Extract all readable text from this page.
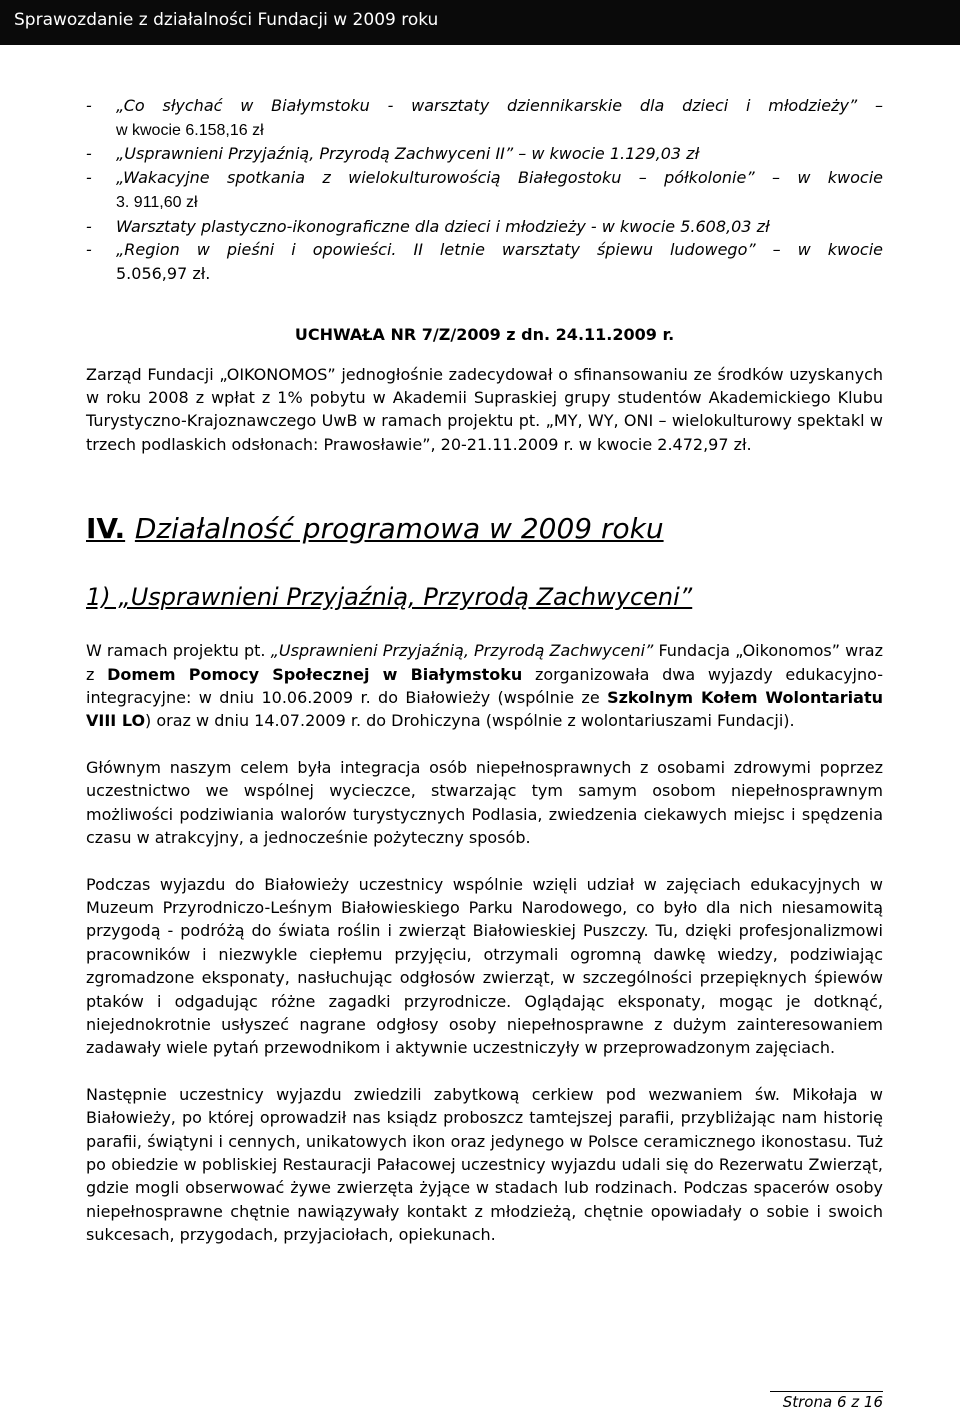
Sprawozdanie z działalności Fundacji w 2009 roku
- „Co słychać w Białymstoku - warsztaty dziennikarskie dla dzieci i młodzieży” –
w kwocie 6.158,16 zł
- „Usprawnieni Przyjaźnią, Przyrodą Zachwyceni II” – w kwocie 1.129,03 zł
- „Wakacyjne spotkania z wielokulturowością Białegostoku – półkolonie” – w kwocie
3. 911,60 zł
- Warsztaty plastyczno-ikonograficzne dla dzieci i młodzieży - w kwocie 5.608,03 zł
- „Region w pieśni i opowieści. II letnie warsztaty śpiewu ludowego” – w kwocie
5.056,97 zł.

UCHWAŁA NR 7/Z/2009 z dn. 24.11.2009 r.

Zarząd Fundacji „OIKONOMOS” jednogłośnie zadecydował o sfinansowaniu ze środków uzyskanych w roku 2008 z wpłat z 1% pobytu w Akademii Supraskiej grupy studentów Akademickiego Klubu Turystyczno-Krajoznawczego UwB w ramach projektu pt. „MY, WY, ONI – wielokulturowy spektakl w trzech podlaskich odsłonach: Prawosławie”, 20-21.11.2009 r. w kwocie 2.472,97 zł.

IV. Działalność programowa w 2009 roku
1) „Usprawnieni Przyjaźnią, Przyrodą Zachwyceni”

W ramach projektu pt. „Usprawnieni Przyjaźnią, Przyrodą Zachwyceni” Fundacja „Oikonomos” wraz z Domem Pomocy Społecznej w Białymstoku zorganizowała dwa wyjazdy edukacyjno-integracyjne: w dniu 10.06.2009 r. do Białowieży (wspólnie ze Szkolnym Kołem Wolontariatu VIII LO) oraz w dniu 14.07.2009 r. do Drohiczyna (wspólnie z wolontariuszami Fundacji).

Głównym naszym celem była integracja osób niepełnosprawnych z osobami zdrowymi poprzez uczestnictwo we wspólnej wycieczce, stwarzając tym samym osobom niepełnosprawnym możliwości podziwiania walorów turystycznych Podlasia, zwiedzenia ciekawych miejsc i spędzenia czasu w atrakcyjny, a jednocześnie pożyteczny sposób.

Podczas wyjazdu do Białowieży uczestnicy wspólnie wzięli udział w zajęciach edukacyjnych w Muzeum Przyrodniczo-Leśnym Białowieskiego Parku Narodowego, co było dla nich niesamowitą przygodą - podróżą do świata roślin i zwierząt Białowieskiej Puszczy. Tu, dzięki profesjonalizmowi pracowników i niezwykle ciepłemu przyjęciu, otrzymali ogromną dawkę wiedzy, podziwiając zgromadzone eksponaty, nasłuchując odgłosów zwierząt, w szczególności przepięknych śpiewów ptaków i odgadując różne zagadki przyrodnicze. Oglądając eksponaty, mogąc je dotknąć, niejednokrotnie usłyszeć nagrane odgłosy osoby niepełnosprawne z dużym zainteresowaniem zadawały wiele pytań przewodnikom i aktywnie uczestniczyły w przeprowadzonym zajęciach.

Następnie uczestnicy wyjazdu zwiedzili zabytkową cerkiew pod wezwaniem św. Mikołaja w Białowieży, po której oprowadził nas ksiądz proboszcz tamtejszej parafii, przybliżając nam historię parafii, świątyni i cennych, unikatowych ikon oraz jedynego w Polsce ceramicznego ikonostasu. Tuż po obiedzie w pobliskiej Restauracji Pałacowej uczestnicy wyjazdu udali się do Rezerwatu Zwierząt, gdzie mogli obserwować żywe zwierzęta żyjące w stadach lub rodzinach. Podczas spacerów osoby niepełnosprawne chętnie nawiązywały kontakt z młodzieżą, chętnie opowiadały o sobie i swoich sukcesach, przygodach, przyjaciołach, opiekunach.

Strona 6 z 16
